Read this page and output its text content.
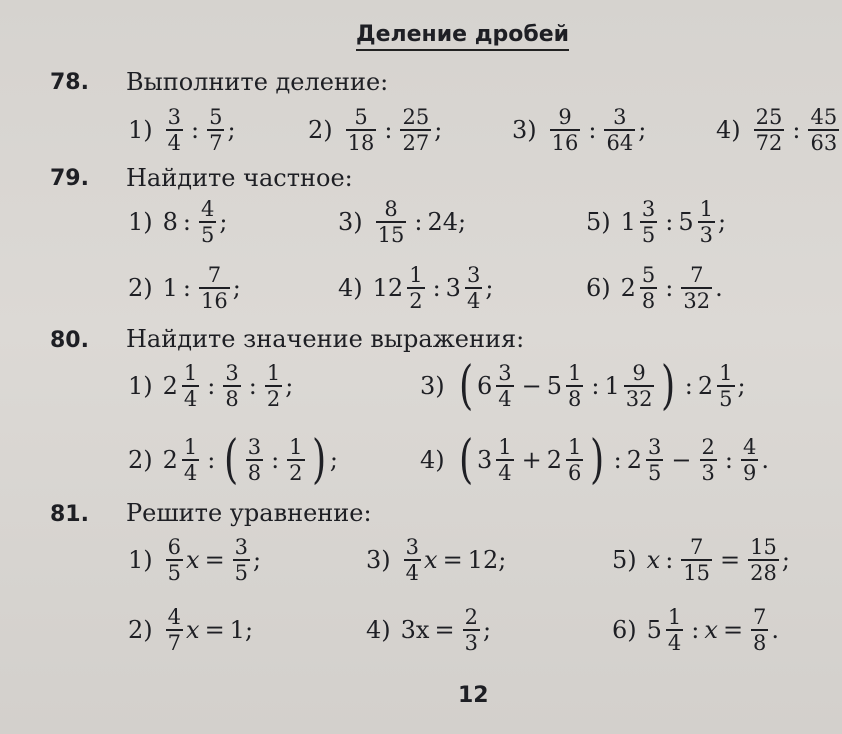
Деление дробей
78. Выполните деление:
$1) \frac{3}{4}$ : $\frac{5}{7}$ ;	$2) \frac{5}{18}$ : $\frac{25}{27}$ ;	$3) \frac{9}{16}$ : $\frac{3}{64}$ ;	$4) \frac{25}{72}$ : $\frac{45}{63}$
79. Найдите частное:
1) 8 : $\frac{4}{5}$ ;	$3) \frac{8}{15}$ : 24 ;	5) $1 \frac{3}{5}$ : $5 \frac{1}{3}$ ;
2) 1 : $\frac{7}{16}$ ;	4) $12 \frac{1}{2}$ : $3 \frac{3}{4}$ ;	6) $2 \frac{5}{8}$ : $\frac{7}{32}$ .
80. Найдите значение выражения:
1) $2 \frac{1}{4}$ : $\frac{3}{8}$ : $\frac{1}{2}$ ;	3) ( $6 \frac{3}{4} - 5 \frac{1}{8}$ : $1 \frac{9}{32}$ ) : $2 \frac{1}{5}$ ;
2) $2 \frac{1}{4}$ : ( $\frac{3}{8}$ : $\frac{1}{2}$ ) ;	4) ( $3 \frac{1}{4} + 2 \frac{1}{6}$ ) : $2 \frac{3}{5} - \frac{2}{3}$ : $\frac{4}{9}$ .
81. Решите уравнение:
$1) \frac{6}{5}$ $x = \frac{3}{5}$ ;	$3) \frac{3}{4}$ x = 12 ;	5) x : $\frac{7}{15} = \frac{15}{28}$ ;
$2) \frac{4}{7}$ x = 1 ;	4) $3x = \frac{2}{3}$ ;	6) $5 \frac{1}{4}$ : $x = \frac{7}{8}$ .
12
